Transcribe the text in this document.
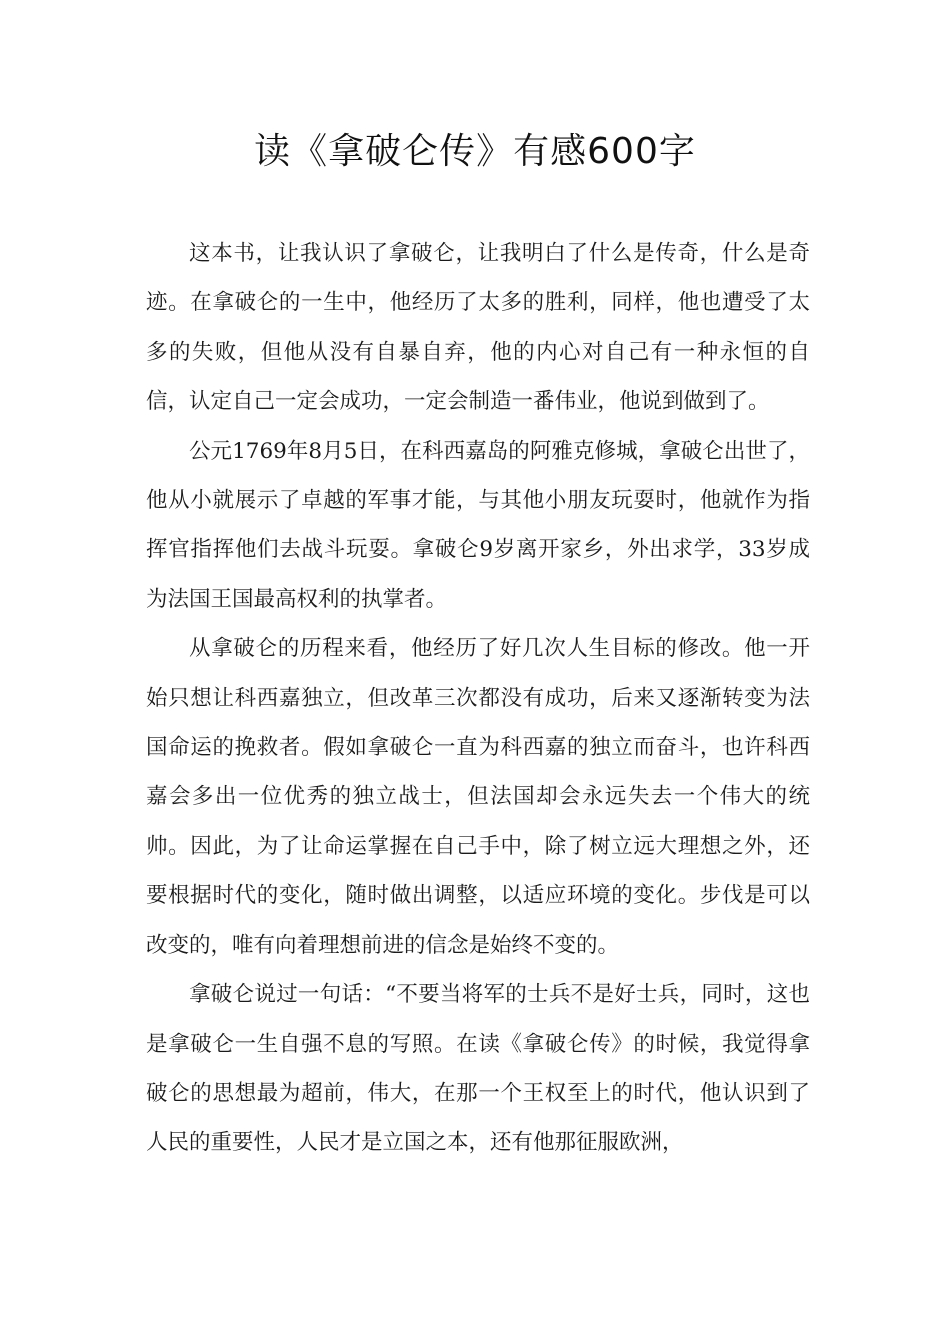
读《拿破仑传》有感600字

这本书，让我认识了拿破仑，让我明白了什么是传奇，什么是奇迹。在拿破仑的一生中，他经历了太多的胜利，同样，他也遭受了太多的失败，但他从没有自暴自弃，他的内心对自己有一种永恒的自信，认定自己一定会成功，一定会制造一番伟业，他说到做到了。

公元1769年8月5日，在科西嘉岛的阿雅克修城，拿破仑出世了，他从小就展示了卓越的军事才能，与其他小朋友玩耍时，他就作为指挥官指挥他们去战斗玩耍。拿破仑9岁离开家乡，外出求学，33岁成为法国王国最高权利的执掌者。

从拿破仑的历程来看，他经历了好几次人生目标的修改。他一开始只想让科西嘉独立，但改革三次都没有成功，后来又逐渐转变为法国命运的挽救者。假如拿破仑一直为科西嘉的独立而奋斗，也许科西嘉会多出一位优秀的独立战士，但法国却会永远失去一个伟大的统帅。因此，为了让命运掌握在自己手中，除了树立远大理想之外，还要根据时代的变化，随时做出调整，以适应环境的变化。步伐是可以改变的，唯有向着理想前进的信念是始终不变的。

拿破仑说过一句话：“不要当将军的士兵不是好士兵，同时，这也是拿破仑一生自强不息的写照。在读《拿破仑传》的时候，我觉得拿破仑的思想最为超前，伟大，在那一个王权至上的时代，他认识到了人民的重要性，人民才是立国之本，还有他那征服欧洲，
